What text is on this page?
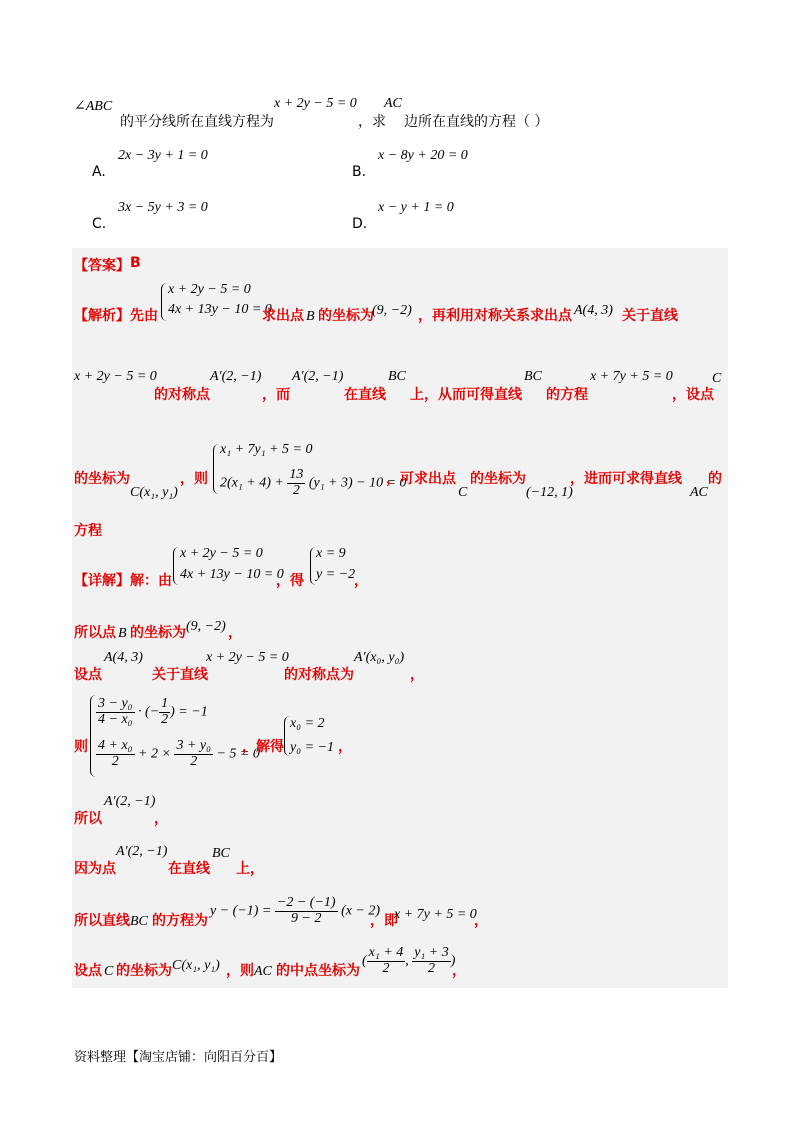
∠ABC
的平分线所在直线方程为
x + 2y − 5 = 0
，求
AC
边所在直线的方程（ ）
A.
2x − 3y + 1 = 0
B.
x − 8y + 20 = 0
C.
3x − 5y + 3 = 0
D.
x − y + 1 = 0
【答案】 B
【解析】 先由
x + 2y − 5 = 0
4x + 13y − 10 = 0
求出点 B 的坐标为
(9, −2) ，再利用对称关系求出点 A(4, 3) 关于直线
x + 2y − 5 = 0
的对称点
A′(2, −1)
，而
A′(2, −1)
在直线
BC
上，从而可得直线
BC
的方程
x + 7y + 5 = 0
，设点
C
的坐标为
C(x₁, y₁)
，则
x₁ + 7y₁ + 5 = 0
$2(x_1 + 4) + \frac{13}{2} (y_1 + 3) - 10 = 0$
，可求出点
C
的坐标为
(−12, 1)
，进而可求得直线
AC
的
方程
【详解】 解：由
x + 2y − 5 = 0
4x + 13y − 10 = 0
，得
x = 9
y = −2
，
所以点 B 的坐标为 (9, −2) ，
设点
A(4, 3)
关于直线
x + 2y − 5 = 0
的对称点为
A′(x₀, y₀)
，
则
$\frac{\text{3 − y₀}}{\text{4 − x₀}}$ · (− $\frac{1}{2}$ ) = −1
$\frac{\text{4 + x₀}}{2} + 2 \times \frac{\text{3 + y₀}}{2} - 5 = 0$
，解得
x₀ = 2
y₀ = −1 ，
所以
A′(2, −1)
，
因为点
A′(2, −1)
在直线
BC
上，
所以直线 BC 的方程为
$y - (-1) = \frac{-2 - (-1)}{9 - 2} (x - 2)$
，即
x + 7y + 5 = 0
，
设点 C 的坐标为 C(x₁, y₁) ，则 AC 的中点坐标为
( $\frac{\text{x₁ + 4}}{2}$ , $\frac{\text{y₁ + 3}}{2}$ )
，
资料整理【淘宝店铺：向阳百分百】
